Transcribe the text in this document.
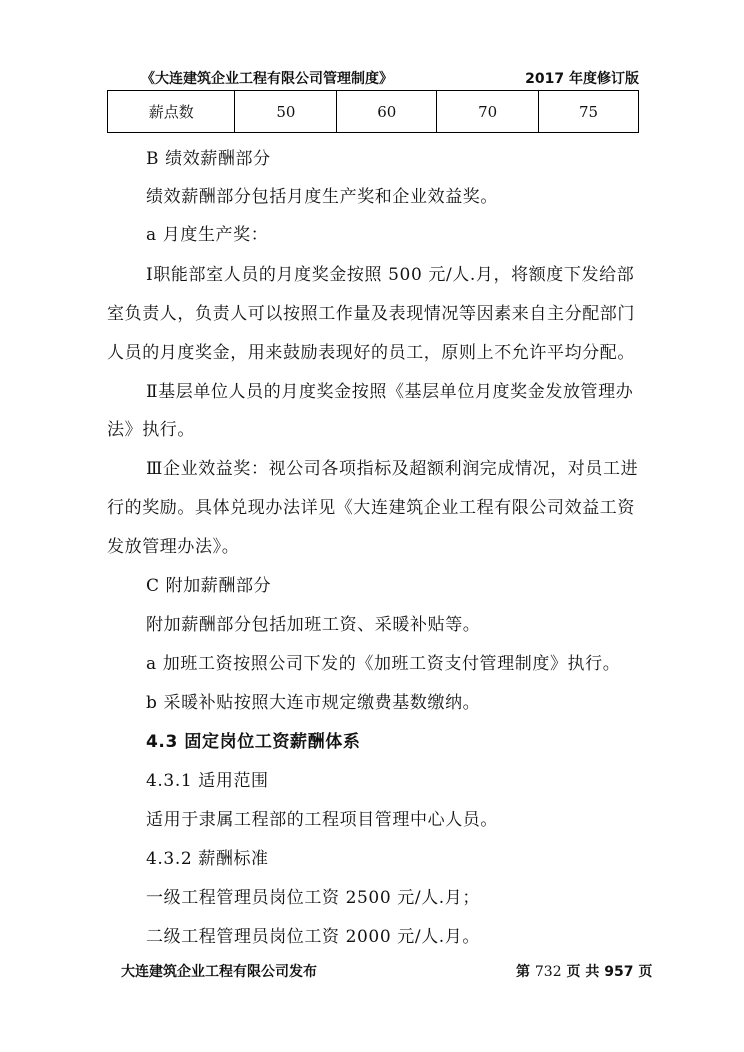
《大连建筑企业工程有限公司管理制度》	2017 年度修订版
薪点数	50	60	70	75
B 绩效薪酬部分
绩效薪酬部分包括月度生产奖和企业效益奖。
a 月度生产奖：
Ⅰ职能部室人员的月度奖金按照 500 元/人.月，将额度下发给部
室负责人，负责人可以按照工作量及表现情况等因素来自主分配部门
人员的月度奖金，用来鼓励表现好的员工，原则上不允许平均分配。
Ⅱ基层单位人员的月度奖金按照《基层单位月度奖金发放管理办
法》执行。
Ⅲ企业效益奖：视公司各项指标及超额利润完成情况，对员工进
行的奖励。具体兑现办法详见《大连建筑企业工程有限公司效益工资
发放管理办法》。
C 附加薪酬部分
附加薪酬部分包括加班工资、采暖补贴等。
a 加班工资按照公司下发的《加班工资支付管理制度》执行。
b 采暖补贴按照大连市规定缴费基数缴纳。
4.3 固定岗位工资薪酬体系
4.3.1 适用范围
适用于隶属工程部的工程项目管理中心人员。
4.3.2 薪酬标准
一级工程管理员岗位工资 2500 元/人.月；
二级工程管理员岗位工资 2000 元/人.月。
大连建筑企业工程有限公司发布	第 732 页 共 957 页
